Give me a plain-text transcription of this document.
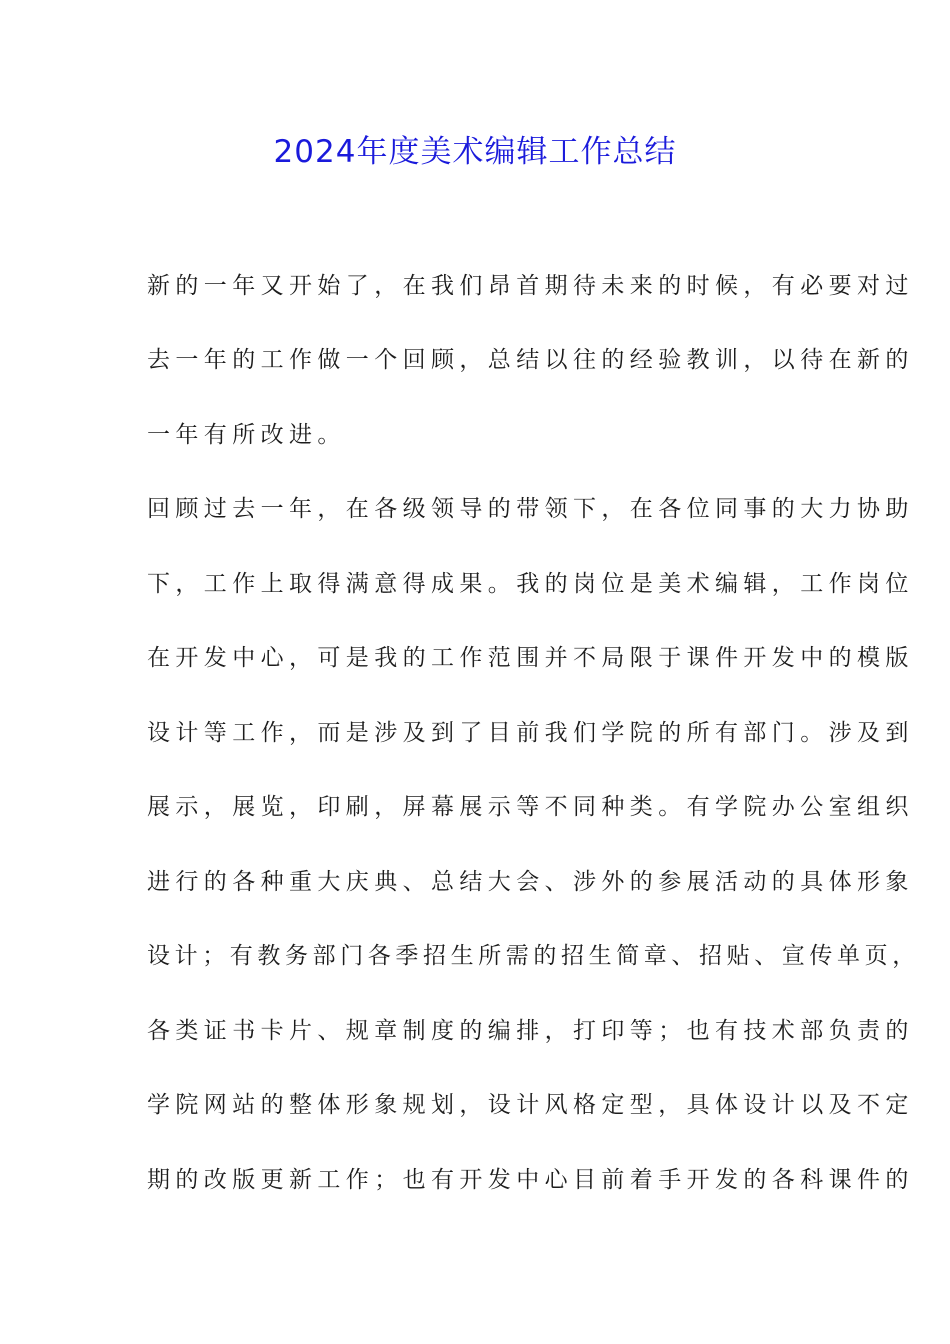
2024年度美术编辑工作总结
新的一年又开始了，在我们昂首期待未来的时候，有必要对过
去一年的工作做一个回顾，总结以往的经验教训，以待在新的
一年有所改进。
回顾过去一年，在各级领导的带领下，在各位同事的大力协助
下，工作上取得满意得成果。我的岗位是美术编辑，工作岗位
在开发中心，可是我的工作范围并不局限于课件开发中的模版
设计等工作，而是涉及到了目前我们学院的所有部门。涉及到
展示，展览，印刷，屏幕展示等不同种类。有学院办公室组织
进行的各种重大庆典、总结大会、涉外的参展活动的具体形象
设计；有教务部门各季招生所需的招生简章、招贴、宣传单页，
各类证书卡片、规章制度的编排，打印等；也有技术部负责的
学院网站的整体形象规划，设计风格定型，具体设计以及不定
期的改版更新工作；也有开发中心目前着手开发的各科课件的
